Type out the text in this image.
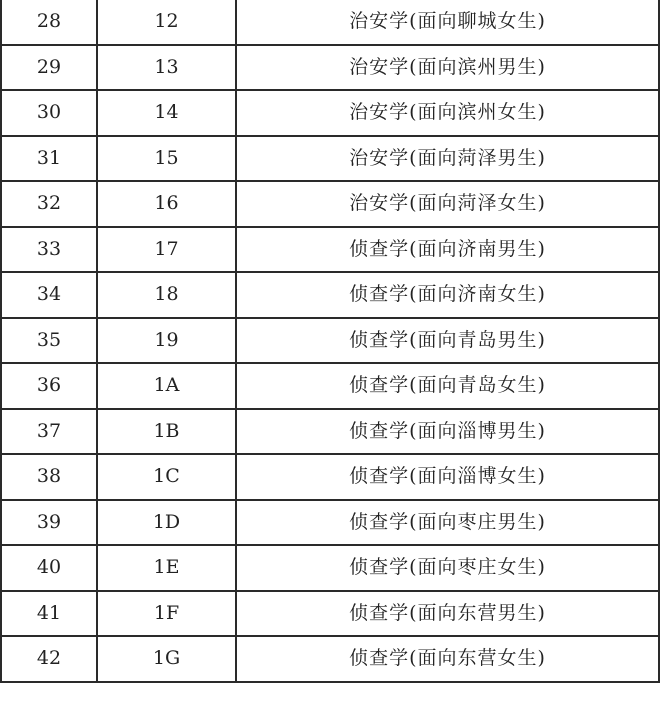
28	12	治安学(面向聊城女生)
29	13	治安学(面向滨州男生)
30	14	治安学(面向滨州女生)
31	15	治安学(面向菏泽男生)
32	16	治安学(面向菏泽女生)
33	17	侦查学(面向济南男生)
34	18	侦查学(面向济南女生)
35	19	侦查学(面向青岛男生)
36	1A	侦查学(面向青岛女生)
37	1B	侦查学(面向淄博男生)
38	1C	侦查学(面向淄博女生)
39	1D	侦查学(面向枣庄男生)
40	1E	侦查学(面向枣庄女生)
41	1F	侦查学(面向东营男生)
42	1G	侦查学(面向东营女生)
